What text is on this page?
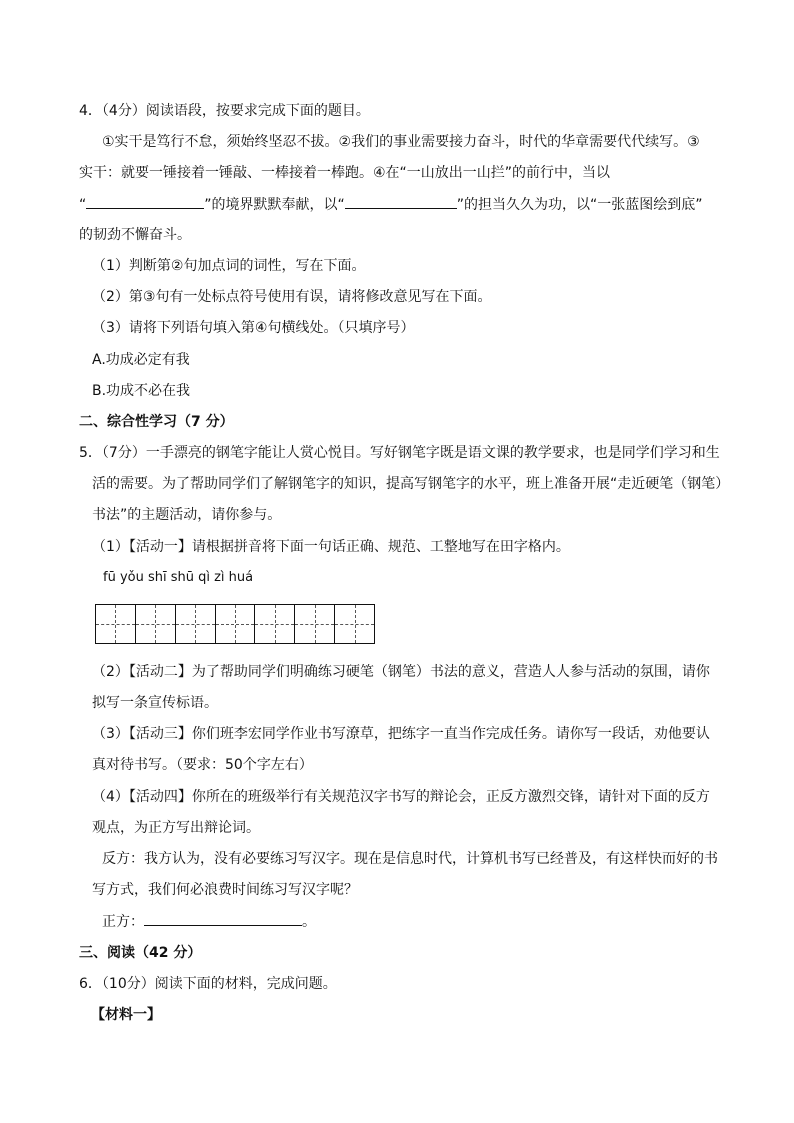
4．（4分）阅读语段，按要求完成下面的题目。
①实干是笃行不怠，须始终坚忍不拔。②我们的事业需要接力奋斗，时代的华章需要代代续写。③
实干：就要一锤接着一锤敲、一棒接着一棒跑。④在“一山放出一山拦”的前行中，当以
“	”的境界默默奉献，以“	”的担当久久为功，以“一张蓝图绘到底”
的韧劲不懈奋斗。
（1）判断第②句加点词的词性，写在下面。
（2）第③句有一处标点符号使用有误，请将修改意见写在下面。
（3）请将下列语句填入第④句横线处。（只填序号）
A.功成必定有我
B.功成不必在我
二、综合性学习（7 分）
5．（7分）一手漂亮的钢笔字能让人赏心悦目。写好钢笔字既是语文课的教学要求，也是同学们学习和生
活的需要。为了帮助同学们了解钢笔字的知识，提高写钢笔字的水平，班上准备开展“走近硬笔（钢笔）
书法”的主题活动，请你参与。
（1）【活动一】请根据拼音将下面一句话正确、规范、工整地写在田字格内。
fū yǒu shī shū qì zì huá
（2）【活动二】为了帮助同学们明确练习硬笔（钢笔）书法的意义，营造人人参与活动的氛围，请你
拟写一条宣传标语。
（3）【活动三】你们班李宏同学作业书写潦草，把练字一直当作完成任务。请你写一段话，劝他要认
真对待书写。（要求：50个字左右）
（4）【活动四】你所在的班级举行有关规范汉字书写的辩论会，正反方激烈交锋，请针对下面的反方
观点，为正方写出辩论词。
反方：我方认为，没有必要练习写汉字。现在是信息时代，计算机书写已经普及，有这样快而好的书
写方式，我们何必浪费时间练习写汉字呢？
正方：	。
三、阅读（42 分）
6．（10分）阅读下面的材料，完成问题。
【材料一】
